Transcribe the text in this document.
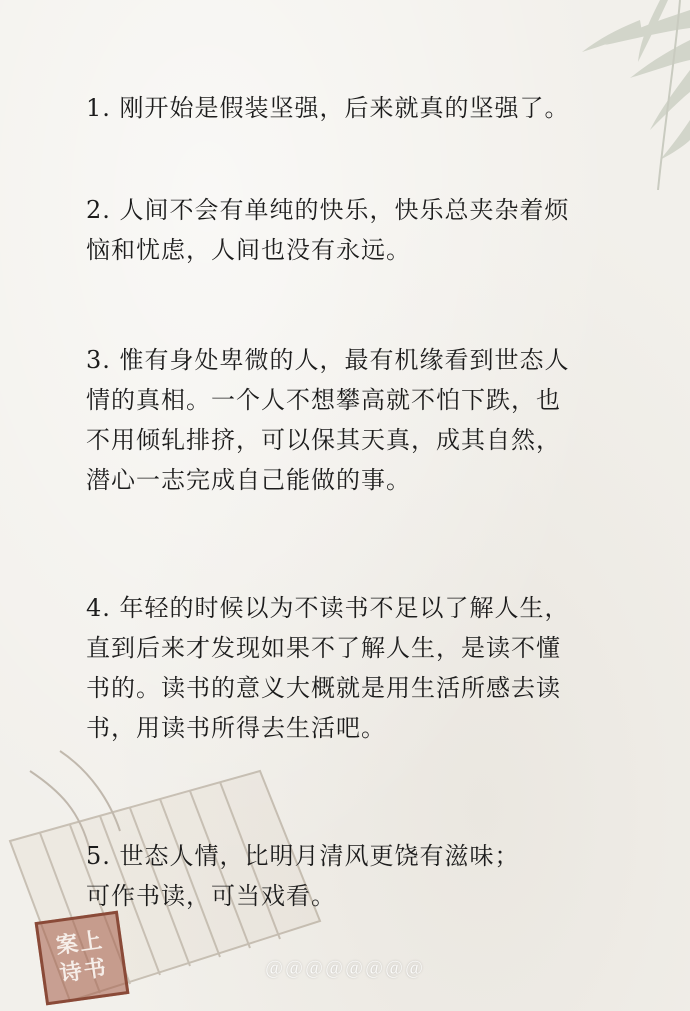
案上
诗书

1. 刚开始是假装坚强，后来就真的坚强了。

2. 人间不会有单纯的快乐，快乐总夹杂着烦
恼和忧虑，人间也没有永远。

3. 惟有身处卑微的人，最有机缘看到世态人
情的真相。一个人不想攀高就不怕下跌，也
不用倾轧排挤，可以保其天真，成其自然，
潜心一志完成自己能做的事。

4. 年轻的时候以为不读书不足以了解人生，
直到后来才发现如果不了解人生，是读不懂
书的。读书的意义大概就是用生活所感去读
书，用读书所得去生活吧。

5. 世态人情，比明月清风更饶有滋味；
可作书读，可当戏看。

＠＠＠＠＠＠＠＠
